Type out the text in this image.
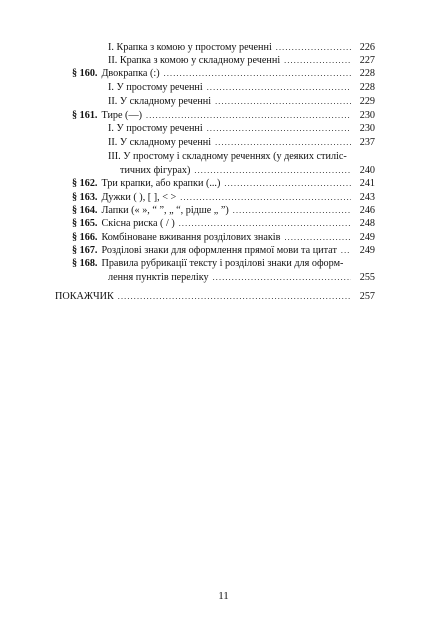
І. Крапка з комою у простому реченні .....	226
ІІ. Крапка з комою у складному реченні .....	227
§ 160. Двокрапка (:) .....	228
І. У простому реченні .....	228
ІІ. У складному реченні .....	229
§ 161. Тире (—) .....	230
І. У простому реченні .....	230
ІІ. У складному реченні .....	237
ІІІ. У простому і складному реченнях (у деяких стиліс-
тичних фігурах) .....	240
§ 162. Три крапки, або крапки (...) .....	241
§ 163. Дужки ( ), [ ], < > .....	243
§ 164. Лапки (« », “ ”, „ “, рідше „ ”) .....	246
§ 165. Скісна риска ( / ) .....	248
§ 166. Комбіноване вживання розділових знаків .....	249
§ 167. Розділові знаки для оформлення прямої мови та цитат .....	249
§ 168. Правила рубрикації тексту і розділові знаки для оформ-
лення пунктів переліку .....	255
ПОКАЖЧИК .....	257
11
